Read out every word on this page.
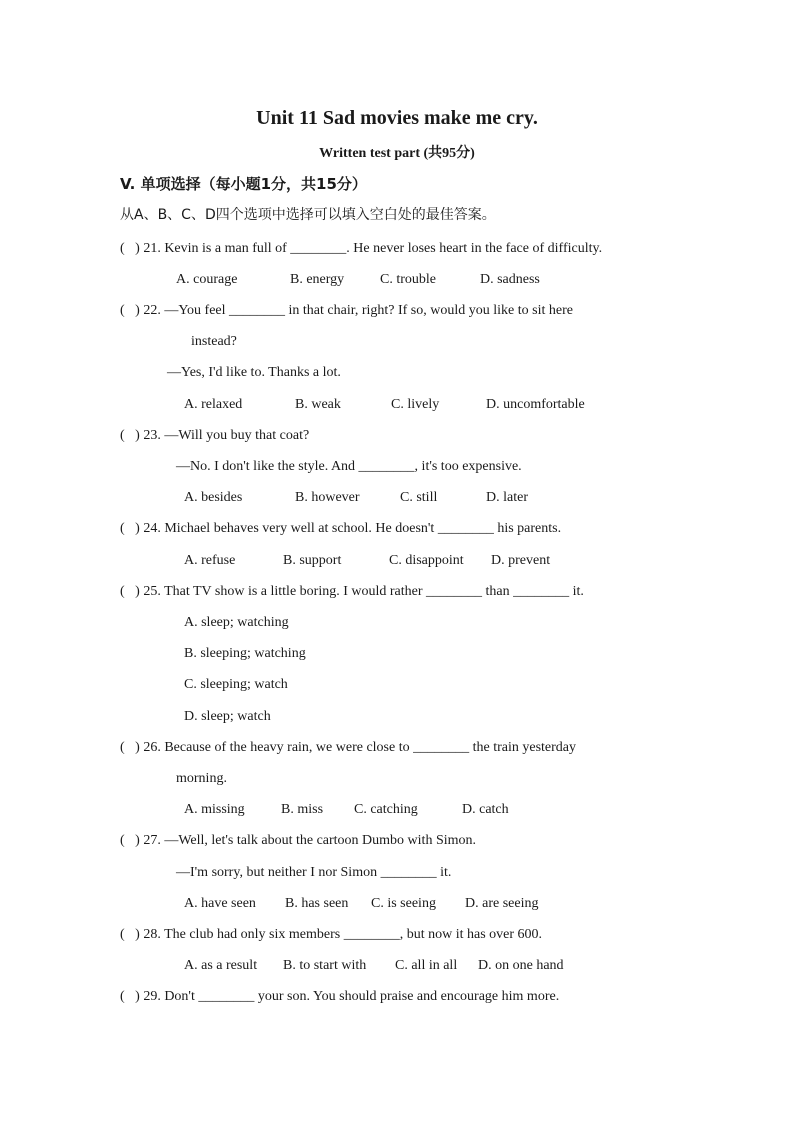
Unit 11 Sad movies make me cry.
Written test part (共95分)
V. 单项选择（每小题1分，共15分）
从A、B、C、D四个选项中选择可以填入空白处的最佳答案。
(   ) 21. Kevin is a man full of ________. He never loses heart in the face of difficulty.
A. courage	B. energy	C. trouble	D. sadness
(   ) 22. —You feel ________ in that chair, right? If so, would you like to sit here
instead?
—Yes, I'd like to. Thanks a lot.
A. relaxed	B. weak	C. lively	D. uncomfortable
(   ) 23. —Will you buy that coat?
—No. I don't like the style. And ________, it's too expensive.
A. besides	B. however	C. still	D. later
(   ) 24. Michael behaves very well at school. He doesn't ________ his parents.
A. refuse	B. support	C. disappoint D. prevent
(   ) 25. That TV show is a little boring. I would rather ________ than ________ it.
A. sleep; watching
B. sleeping; watching
C. sleeping; watch
D. sleep; watch
(   ) 26. Because of the heavy rain, we were close to ________ the train yesterday
morning.
A. missing	B. miss C. catching	D. catch
(   ) 27. —Well, let's talk about the cartoon Dumbo with Simon.
—I'm sorry, but neither I nor Simon ________ it.
A. have seen B. has seen C. is seeing D. are seeing
(   ) 28. The club had only six members ________, but now it has over 600.
A. as a result B. to start with C. all in all D. on one hand
(   ) 29. Don't ________ your son. You should praise and encourage him more.
